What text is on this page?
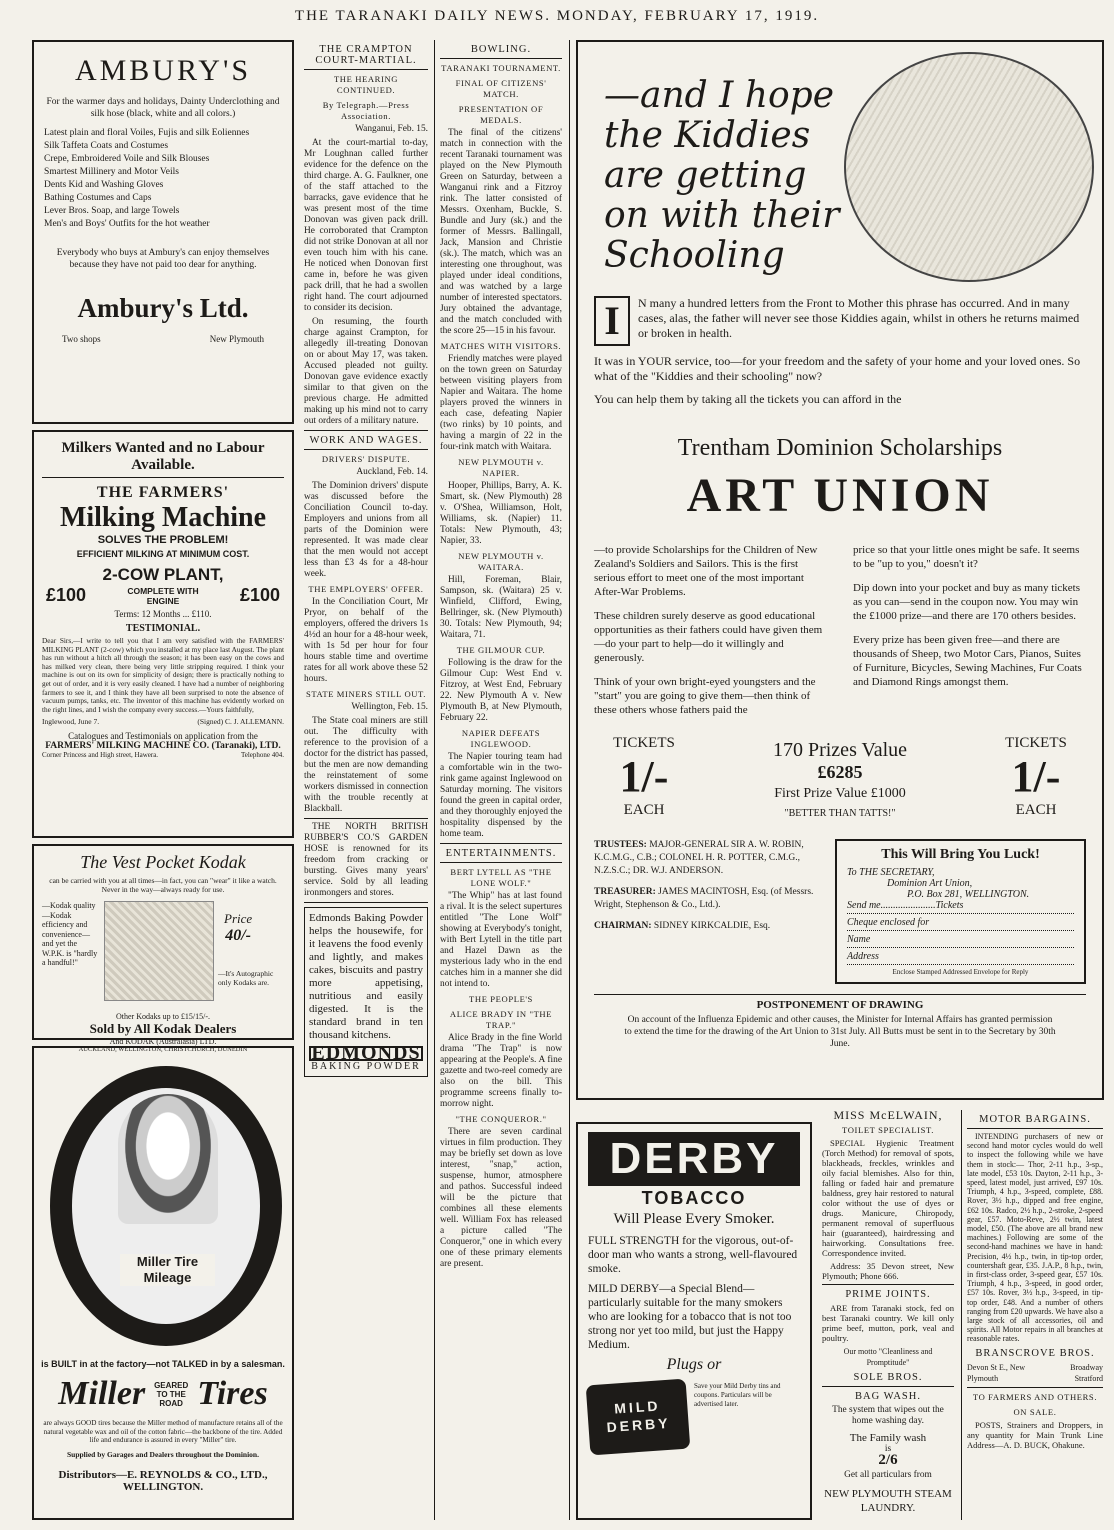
THE TARANAKI DAILY NEWS. MONDAY, FEBRUARY 17, 1919.
AMBURY'S
For the warmer days and holidays, Dainty Underclothing and silk hose (black, white and all colors.)

Latest plain and floral Voiles, Fujis and silk Eoliennes

Silk Taffeta Coats and Costumes

Crepe, Embroidered Voile and Silk Blouses

Smartest Millinery and Motor Veils

Dents Kid and Washing Gloves

Bathing Costumes and Caps

Lever Bros. Soap, and large Towels

Men's and Boys' Outfits for the hot weather

Everybody who buys at Ambury's can enjoy themselves because they have not paid too dear for anything.
Ambury's Ltd.
Two shops	New Plymouth
Milkers Wanted and no Labour Available.
THE FARMERS'
Milking Machine
SOLVES THE PROBLEM!
EFFICIENT MILKING AT MINIMUM COST.
2-COW PLANT,
£100	COMPLETE WITH ENGINE	£100
Terms: 12 Months ... £110.
TESTIMONIAL.
Dear Sirs,—I write to tell you that I am very satisfied with the FARMERS' MILKING PLANT (2-cow) which you installed at my place last August. The plant has run without a hitch all through the season; it has been easy on the cows and has milked very clean, there being very little stripping required. I think your machine is out on its own for simplicity of design; there is practically nothing to get out of order, and it is very easily cleaned. I have had a number of neighboring farmers to see it, and I think they have all been surprised to note the absence of vacuum pumps, tanks, etc. The inventor of this machine has evidently worked on the right lines, and I wish the company every success.—Yours faithfully,
Inglewood, June 7.	(Signed) C. J. ALLEMANN.
Catalogues and Testimonials on application from the
FARMERS' MILKING MACHINE CO. (Taranaki), LTD.
Corner Princess and High street, Hawera.	Telephone 404.
The Vest Pocket Kodak
can be carried with you at all times—in fact, you can "wear" it like a watch. Never in the way—always ready for use.
—Kodak quality—Kodak efficiency and convenience—and yet the W.P.K. is "hardly a handful!"
Price
40/-
—It's Autographic only Kodaks are.
Other Kodaks up to £15/15/-.
Sold by All Kodak Dealers
And KODAK (Australasia) LTD.
AUCKLAND, WELLINGTON, CHRISTCHURCH, DUNEDIN
Miller Tire Mileage
is BUILT in at the factory—not TALKED in by a salesman.
Miller	GEARED TO THE ROAD Tires
are always GOOD tires because the Miller method of manufacture retains all of the natural vegetable wax and oil of the cotton fabric—the backbone of the tire. Added life and endurance is assured in every "Miller" tire.
Supplied by Garages and Dealers throughout the Dominion.
Distributors—E. REYNOLDS & CO., LTD.,
WELLINGTON.
THE CRAMPTON COURT-MARTIAL.
THE HEARING CONTINUED.
By Telegraph.—Press Association.

Wanganui, Feb. 15.

At the court-martial to-day, Mr Loughnan called further evidence for the defence on the third charge. A. G. Faulkner, one of the staff attached to the barracks, gave evidence that he was present most of the time Donovan was given pack drill. He corroborated that Crampton did not strike Donovan at all nor even touch him with his cane. He noticed when Donovan first came in, before he was given pack drill, that he had a swollen right hand. The court adjourned to consider its decision.

On resuming, the fourth charge against Crampton, for allegedly ill-treating Donovan on or about May 17, was taken. Accused pleaded not guilty. Donovan gave evidence exactly similar to that given on the previous charge. He admitted making up his mind not to carry out orders of a military nature.

WORK AND WAGES.
DRIVERS' DISPUTE.

Auckland, Feb. 14.

The Dominion drivers' dispute was discussed before the Conciliation Council to-day. Employers and unions from all parts of the Dominion were represented. It was made clear that the men would not accept less than £3 4s for a 48-hour week.

THE EMPLOYERS' OFFER.

In the Conciliation Court, Mr Pryor, on behalf of the employers, offered the drivers 1s 4½d an hour for a 48-hour week, with 1s 5d per hour for four hours stable time and overtime rates for all work above these 52 hours.

STATE MINERS STILL OUT.

Wellington, Feb. 15.

The State coal miners are still out. The difficulty with reference to the provision of a doctor for the district has passed, but the men are now demanding the reinstatement of some workers dismissed in connection with the trouble recently at Blackball.

THE NORTH BRITISH RUBBER'S CO.'S GARDEN HOSE is renowned for its freedom from cracking or bursting. Gives many years' service. Sold by all leading ironmongers and stores.

Edmonds Baking Powder helps the housewife, for it leavens the food evenly and lightly, and makes cakes, biscuits and pastry more appetising, nutritious and easily digested. It is the standard brand in ten thousand kitchens.

EDMONDS
BAKING POWDER
BOWLING.
TARANAKI TOURNAMENT.
FINAL OF CITIZENS' MATCH.
PRESENTATION OF MEDALS.

The final of the citizens' match in connection with the recent Taranaki tournament was played on the New Plymouth Green on Saturday, between a Wanganui rink and a Fitzroy rink. The latter consisted of Messrs. Oxenham, Buckle, S. Bundle and Jury (sk.) and the former of Messrs. Ballingall, Jack, Mansion and Christie (sk.). The match, which was an interesting one throughout, was played under ideal conditions, and was watched by a large number of interested spectators. Jury obtained the advantage, and the match concluded with the score 25—15 in his favour.

MATCHES WITH VISITORS.

Friendly matches were played on the town green on Saturday between visiting players from Napier and Waitara. The home players proved the winners in each case, defeating Napier (two rinks) by 10 points, and having a margin of 22 in the four-rink match with Waitara.

NEW PLYMOUTH v. NAPIER.

Hooper, Phillips, Barry, A. K. Smart, sk. (New Plymouth) 28 v. O'Shea, Williamson, Holt, Williams, sk. (Napier) 11. Totals: New Plymouth, 43; Napier, 33.

NEW PLYMOUTH v. WAITARA.

Hill, Foreman, Blair, Sampson, sk. (Waitara) 25 v. Winfield, Clifford, Ewing, Bellringer, sk. (New Plymouth) 30. Totals: New Plymouth, 94; Waitara, 71.

THE GILMOUR CUP.

Following is the draw for the Gilmour Cup: West End v. Fitzroy, at West End, February 22. New Plymouth A v. New Plymouth B, at New Plymouth, February 22.

NAPIER DEFEATS INGLEWOOD.

The Napier touring team had a comfortable win in the two-rink game against Inglewood on Saturday morning. The visitors found the green in capital order, and they thoroughly enjoyed the hospitality dispensed by the home team.

ENTERTAINMENTS.
BERT LYTELL AS "THE LONE WOLF."

"The Whip" has at last found a rival. It is the select supertures entitled "The Lone Wolf" showing at Everybody's tonight, with Bert Lytell in the title part and Hazel Dawn as the mysterious lady who in the end catches him in a manner she did not intend to.

THE PEOPLE'S
ALICE BRADY IN "THE TRAP."

Alice Brady in the fine World drama "The Trap" is now appearing at the People's. A fine gazette and two-reel comedy are also on the bill. This programme screens finally to-morrow night.

"THE CONQUEROR."

There are seven cardinal virtues in film production. They may be briefly set down as love interest, "snap," action, suspense, humor, atmosphere and pathos. Successful indeed will be the picture that combines all these elements well. William Fox has released a picture called "The Conqueror," one in which every one of these primary elements are present.

—and I hope the Kiddies are getting on with their Schooling
I	N many a hundred letters from the Front to Mother this phrase has occurred. And in many cases, alas, the father will never see those Kiddies again, whilst in others he returns maimed or broken in health.

It was in YOUR service, too—for your freedom and the safety of your home and your loved ones. So what of the "Kiddies and their schooling" now?

You can help them by taking all the tickets you can afford in the

Trentham Dominion Scholarships
ART UNION

—to provide Scholarships for the Children of New Zealand's Soldiers and Sailors. This is the first serious effort to meet one of the most important After-War Problems.

These children surely deserve as good educational opportunities as their fathers could have given them—do your part to help—do it willingly and generously.

Think of your own bright-eyed youngsters and the "start" you are going to give them—then think of these others whose fathers paid the

price so that your little ones might be safe. It seems to be "up to you," doesn't it?

Dip down into your pocket and buy as many tickets as you can—send in the coupon now. You may win the £1000 prize—and there are 170 others besides.

Every prize has been given free—and there are thousands of Sheep, two Motor Cars, Pianos, Suites of Furniture, Bicycles, Sewing Machines, Fur Coats and Diamond Rings amongst them.

TICKETS
1/-
EACH
170 Prizes Value
£6285
First Prize Value £1000
"BETTER THAN TATTS!"
TICKETS
1/-
EACH

TRUSTEES: MAJOR-GENERAL SIR A. W. ROBIN, K.C.M.G., C.B.; COLONEL H. R. POTTER, C.M.G., N.Z.S.C.; DR. W.J. ANDERSON.

TREASURER: JAMES MACINTOSH, Esq. (of Messrs. Wright, Stephenson & Co., Ltd.).

CHAIRMAN: SIDNEY KIRKCALDIE, Esq.

This Will Bring You Luck!
To THE SECRETARY,
Dominion Art Union,
P.O. Box 281, WELLINGTON.
Send me......................Tickets
Cheque enclosed for
Name
Address
Enclose Stamped Addressed Envelope for Reply
POSTPONEMENT OF DRAWING
On account of the Influenza Epidemic and other causes, the Minister for Internal Affairs has granted permission to extend the time for the drawing of the Art Union to 31st July. All Butts must be sent in to the Secretary by 30th June.
DERBY
TOBACCO
Will Please Every Smoker.

FULL STRENGTH for the vigorous, out-of-door man who wants a strong, well-flavoured smoke.

MILD DERBY—a Special Blend—particularly suitable for the many smokers who are looking for a tobacco that is not too strong nor yet too mild, but just the Happy Medium.

Plugs or
MILD DERBY
Save your Mild Derby tins and coupons. Particulars will be advertised later.
MISS McELWAIN,
TOILET SPECIALIST.

SPECIAL Hygienic Treatment (Torch Method) for removal of spots, blackheads, freckles, wrinkles and oily facial blemishes. Also for thin, falling or faded hair and premature baldness, grey hair restored to natural color without the use of dyes or drugs. Manicure, Chiropody, permanent removal of superfluous hair (guaranteed), hairdressing and hairworking. Consultations free. Correspondence invited.

Address: 35 Devon street, New Plymouth; Phone 666.

PRIME JOINTS.

ARE from Taranaki stock, fed on best Taranaki country. We kill only prime beef, mutton, pork, veal and poultry.

Our motto "Cleanliness and Promptitude"

SOLE BROS.
BAG WASH.

The system that wipes out the home washing day.

The Family wash
is
2/6
Get all particulars from
NEW PLYMOUTH STEAM LAUNDRY.
MOTOR BARGAINS.

INTENDING purchasers of new or second hand motor cycles would do well to inspect the following while we have them in stock:— Thor, 2-11 h.p., 3-sp., late model, £53 10s. Dayton, 2-11 h.p., 3-speed, latest model, just arrived, £97 10s. Triumph, 4 h.p., 3-speed, complete, £88. Rover, 3½ h.p., dipped and free engine, £62 10s. Radco, 2½ h.p., 2-stroke, 2-speed gear, £57. Moto-Reve, 2½ twin, latest model, £50. (The above are all brand new machines.) Following are some of the second-hand machines we have in hand: Precision, 4½ h.p., twin, in tip-top order, countershaft gear, £35. J.A.P., 8 h.p., twin, in first-class order, 3-speed gear, £57 10s. Triumph, 4 h.p., 3-speed, in good order, £57 10s. Rover, 3½ h.p., 3-speed, in tip-top order, £48. And a number of others ranging from £20 upwards. We have also a large stock of all accessories, oil and spirits. All Motor repairs in all branches at reasonable rates.

BRANSCROVE BROS.
Devon St E., New Plymouth
Broadway Stratford
TO FARMERS AND OTHERS.
ON SALE.

POSTS, Strainers and Droppers, in any quantity for Main Trunk Line Address—A. D. BUCK, Ohakune.
